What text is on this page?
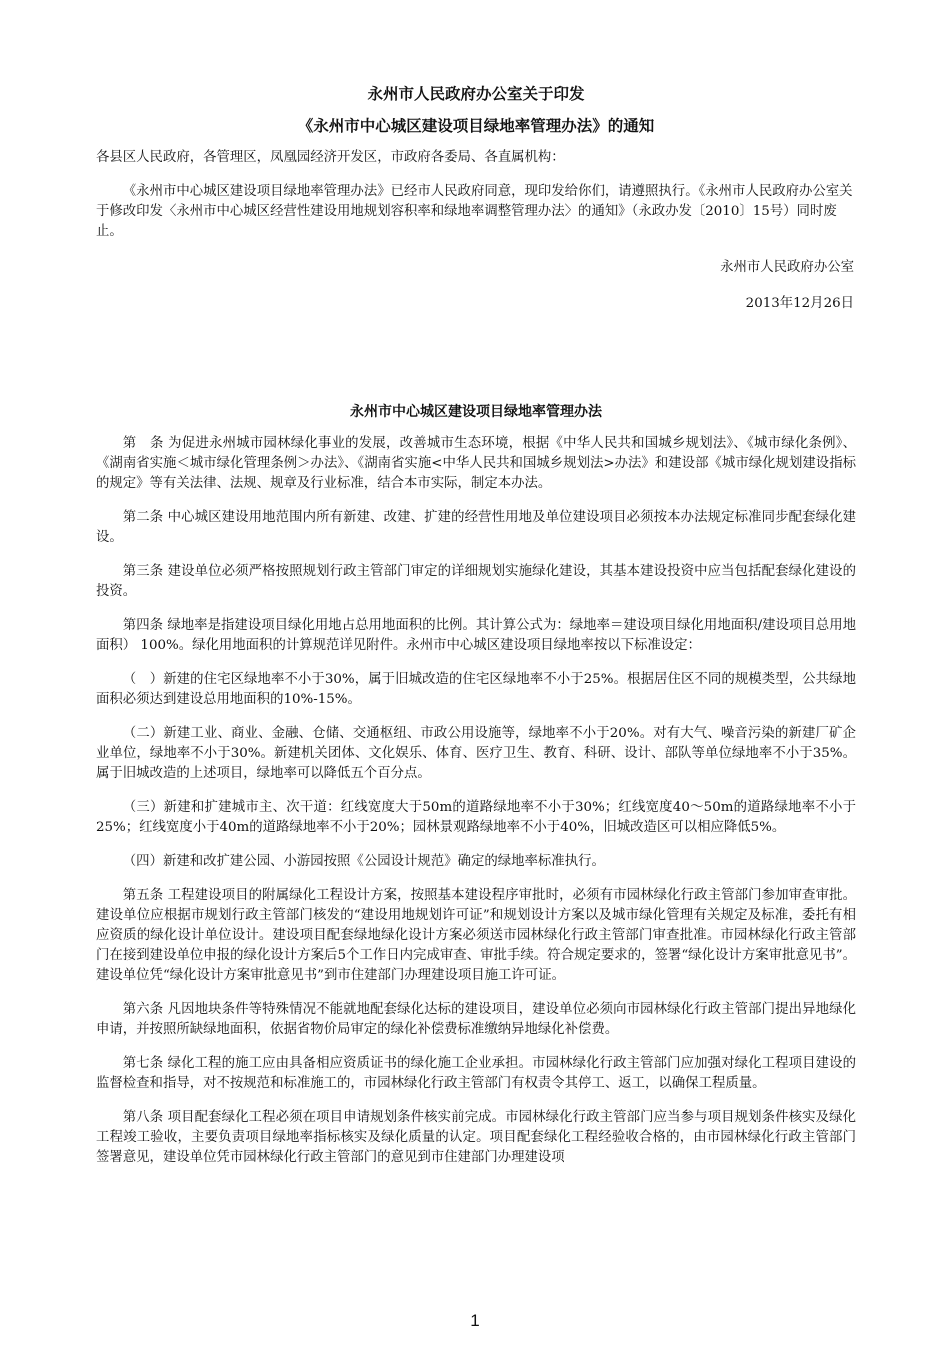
永州市人民政府办公室关于印发
《永州市中心城区建设项目绿地率管理办法》的通知

各县区人民政府，各管理区，凤凰园经济开发区，市政府各委局、各直属机构：

《永州市中心城区建设项目绿地率管理办法》已经市人民政府同意，现印发给你们，请遵照执行。《永州市人民政府办公室关于修改印发〈永州市中心城区经营性建设用地规划容积率和绿地率调整管理办法〉的通知》（永政办发〔2010〕15号）同时废止。

永州市人民政府办公室
2013年12月26日
永州市中心城区建设项目绿地率管理办法

第　条 为促进永州城市园林绿化事业的发展，改善城市生态环境，根据《中华人民共和国城乡规划法》、《城市绿化条例》、《湖南省实施＜城市绿化管理条例＞办法》、《湖南省实施<中华人民共和国城乡规划法>办法》和建设部《城市绿化规划建设指标的规定》等有关法律、法规、规章及行业标准，结合本市实际，制定本办法。

第二条 中心城区建设用地范围内所有新建、改建、扩建的经营性用地及单位建设项目必须按本办法规定标准同步配套绿化建设。

第三条 建设单位必须严格按照规划行政主管部门审定的详细规划实施绿化建设，其基本建设投资中应当包括配套绿化建设的投资。

第四条 绿地率是指建设项目绿化用地占总用地面积的比例。其计算公式为：绿地率＝建设项目绿化用地面积/建设项目总用地面积） 100%。绿化用地面积的计算规范详见附件。永州市中心城区建设项目绿地率按以下标准设定：

（　）新建的住宅区绿地率不小于30%，属于旧城改造的住宅区绿地率不小于25%。根据居住区不同的规模类型，公共绿地面积必须达到建设总用地面积的10%-15%。

（二）新建工业、商业、金融、仓储、交通枢纽、市政公用设施等，绿地率不小于20%。对有大气、噪音污染的新建厂矿企业单位，绿地率不小于30%。新建机关团体、文化娱乐、体育、医疗卫生、教育、科研、设计、部队等单位绿地率不小于35%。属于旧城改造的上述项目，绿地率可以降低五个百分点。

（三）新建和扩建城市主、次干道：红线宽度大于50m的道路绿地率不小于30%；红线宽度40～50m的道路绿地率不小于25%；红线宽度小于40m的道路绿地率不小于20%；园林景观路绿地率不小于40%，旧城改造区可以相应降低5%。

（四）新建和改扩建公园、小游园按照《公园设计规范》确定的绿地率标准执行。

第五条 工程建设项目的附属绿化工程设计方案，按照基本建设程序审批时，必须有市园林绿化行政主管部门参加审查审批。建设单位应根据市规划行政主管部门核发的“建设用地规划许可证”和规划设计方案以及城市绿化管理有关规定及标准，委托有相应资质的绿化设计单位设计。建设项目配套绿地绿化设计方案必须送市园林绿化行政主管部门审查批准。市园林绿化行政主管部门在接到建设单位申报的绿化设计方案后5个工作日内完成审查、审批手续。符合规定要求的，签署“绿化设计方案审批意见书”。建设单位凭“绿化设计方案审批意见书”到市住建部门办理建设项目施工许可证。

第六条 凡因地块条件等特殊情况不能就地配套绿化达标的建设项目，建设单位必须向市园林绿化行政主管部门提出异地绿化申请，并按照所缺绿地面积，依据省物价局审定的绿化补偿费标准缴纳异地绿化补偿费。

第七条 绿化工程的施工应由具备相应资质证书的绿化施工企业承担。市园林绿化行政主管部门应加强对绿化工程项目建设的监督检查和指导，对不按规范和标准施工的，市园林绿化行政主管部门有权责令其停工、返工，以确保工程质量。

第八条 项目配套绿化工程必须在项目申请规划条件核实前完成。市园林绿化行政主管部门应当参与项目规划条件核实及绿化工程竣工验收，主要负责项目绿地率指标核实及绿化质量的认定。项目配套绿化工程经验收合格的，由市园林绿化行政主管部门签署意见，建设单位凭市园林绿化行政主管部门的意见到市住建部门办理建设项

1
